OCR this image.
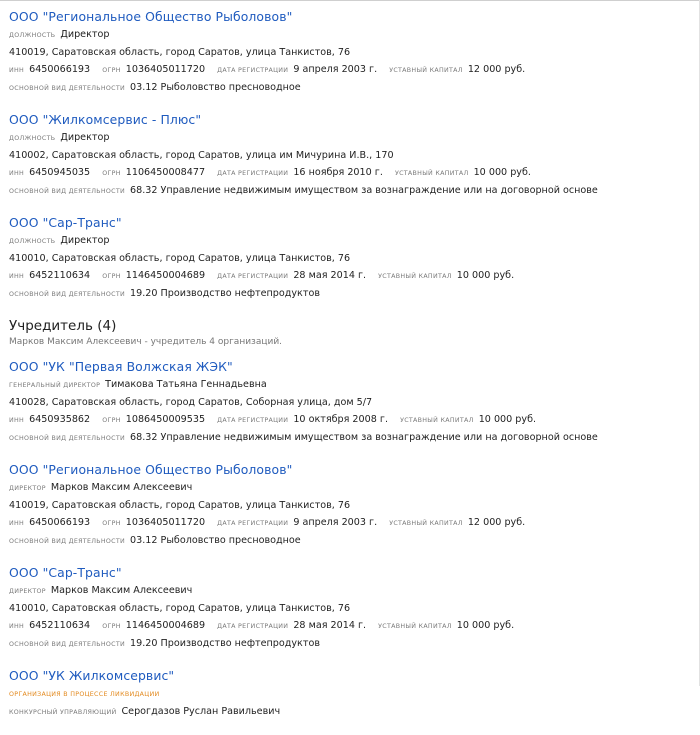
ООО "Региональное Общество Рыболовов"
ДОЛЖНОСТЬ Директор
410019, Саратовская область, город Саратов, улица Танкистов, 76
ИНН 6450066193 ОГРН 1036405011720 ДАТА РЕГИСТРАЦИИ 9 апреля 2003 г. УСТАВНЫЙ КАПИТАЛ 12 000 руб.
ОСНОВНОЙ ВИД ДЕЯТЕЛЬНОСТИ 03.12 Рыболовство пресноводное
ООО "Жилкомсервис - Плюс"
ДОЛЖНОСТЬ Директор
410002, Саратовская область, город Саратов, улица им Мичурина И.В., 170
ИНН 6450945035 ОГРН 1106450008477 ДАТА РЕГИСТРАЦИИ 16 ноября 2010 г. УСТАВНЫЙ КАПИТАЛ 10 000 руб.
ОСНОВНОЙ ВИД ДЕЯТЕЛЬНОСТИ 68.32 Управление недвижимым имуществом за вознаграждение или на договорной основе
ООО "Сар-Транс"
ДОЛЖНОСТЬ Директор
410010, Саратовская область, город Саратов, улица Танкистов, 76
ИНН 6452110634 ОГРН 1146450004689 ДАТА РЕГИСТРАЦИИ 28 мая 2014 г. УСТАВНЫЙ КАПИТАЛ 10 000 руб.
ОСНОВНОЙ ВИД ДЕЯТЕЛЬНОСТИ 19.20 Производство нефтепродуктов
Учредитель (4)
Марков Максим Алексеевич - учредитель 4 организаций.
ООО "УК "Первая Волжская ЖЭК"
ГЕНЕРАЛЬНЫЙ ДИРЕКТОР Тимакова Татьяна Геннадьевна
410028, Саратовская область, город Саратов, Соборная улица, дом 5/7
ИНН 6450935862 ОГРН 1086450009535 ДАТА РЕГИСТРАЦИИ 10 октября 2008 г. УСТАВНЫЙ КАПИТАЛ 10 000 руб.
ОСНОВНОЙ ВИД ДЕЯТЕЛЬНОСТИ 68.32 Управление недвижимым имуществом за вознаграждение или на договорной основе
ООО "Региональное Общество Рыболовов"
ДИРЕКТОР Марков Максим Алексеевич
410019, Саратовская область, город Саратов, улица Танкистов, 76
ИНН 6450066193 ОГРН 1036405011720 ДАТА РЕГИСТРАЦИИ 9 апреля 2003 г. УСТАВНЫЙ КАПИТАЛ 12 000 руб.
ОСНОВНОЙ ВИД ДЕЯТЕЛЬНОСТИ 03.12 Рыболовство пресноводное
ООО "Сар-Транс"
ДИРЕКТОР Марков Максим Алексеевич
410010, Саратовская область, город Саратов, улица Танкистов, 76
ИНН 6452110634 ОГРН 1146450004689 ДАТА РЕГИСТРАЦИИ 28 мая 2014 г. УСТАВНЫЙ КАПИТАЛ 10 000 руб.
ОСНОВНОЙ ВИД ДЕЯТЕЛЬНОСТИ 19.20 Производство нефтепродуктов
ООО "УК Жилкомсервис"
ОРГАНИЗАЦИЯ В ПРОЦЕССЕ ЛИКВИДАЦИИ
КОНКУРСНЫЙ УПРАВЛЯЮЩИЙ Серогдазов Руслан Равильевич
